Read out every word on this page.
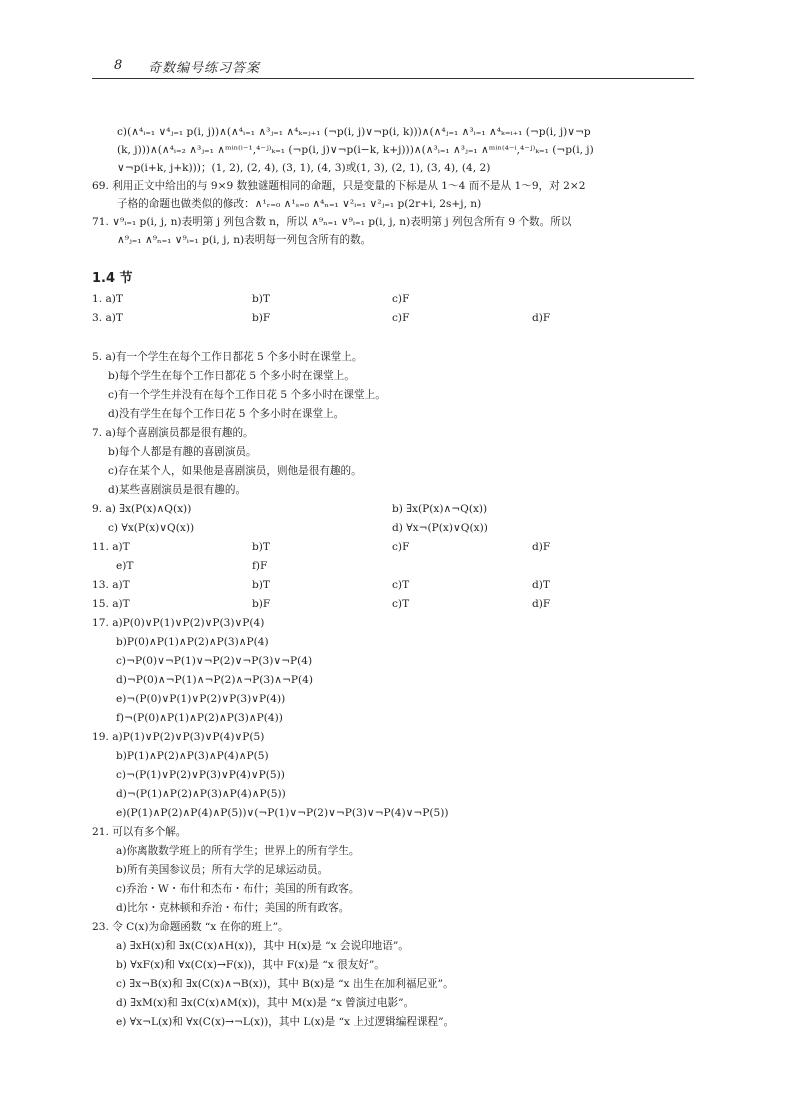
8 奇数编号练习答案
1.4 节
c)(∧⁴ᵢ₌₁ ∨⁴ⱼ₌₁ p(i, j))∧(∧⁴ᵢ₌₁ ∧³ⱼ₌₁ ∧⁴ₖ₌ⱼ₊₁ (¬p(i, j)∨¬p(i, k)))∧(∧⁴ⱼ₌₁ ∧³ᵢ₌₁ ∧⁴ₖ₌ᵢ₊₁ (¬p(i, j)∨¬p
(k, j)))∧(∧⁴ᵢ₌₂ ∧³ⱼ₌₁ ∧ᵐⁱⁿ⁽ⁱ⁻¹,⁴⁻ʲ⁾ₖ₌₁ (¬p(i, j)∨¬p(i−k, k+j)))∧(∧³ᵢ₌₁ ∧³ⱼ₌₁ ∧ᵐⁱⁿ⁽⁴⁻ⁱ,⁴⁻ʲ⁾ₖ₌₁ (¬p(i, j)
∨¬p(i+k, j+k)))；(1, 2), (2, 4), (3, 1), (4, 3)或(1, 3), (2, 1), (3, 4), (4, 2)
69. 利用正文中给出的与 9×9 数独谜题相同的命题，只是变量的下标是从 1～4 而不是从 1～9，对 2×2
子格的命题也做类似的修改：∧¹ᵣ₌₀ ∧¹ₛ₌₀ ∧⁴ₙ₌₁ ∨²ᵢ₌₁ ∨²ⱼ₌₁ p(2r+i, 2s+j, n)
71. ∨⁹ᵢ₌₁ p(i, j, n)表明第 j 列包含数 n，所以 ∧⁹ₙ₌₁ ∨⁹ᵢ₌₁ p(i, j, n)表明第 j 列包含所有 9 个数。所以
∧⁹ⱼ₌₁ ∧⁹ₙ₌₁ ∨⁹ᵢ₌₁ p(i, j, n)表明每一列包含所有的数。
5. a)有一个学生在每个工作日都花 5 个多小时在课堂上。
b)每个学生在每个工作日都花 5 个多小时在课堂上。
c)有一个学生并没有在每个工作日花 5 个多小时在课堂上。
d)没有学生在每个工作日花 5 个多小时在课堂上。
7. a)每个喜剧演员都是很有趣的。
b)每个人都是有趣的喜剧演员。
c)存在某个人，如果他是喜剧演员，则他是很有趣的。
d)某些喜剧演员是很有趣的。
17. a)P(0)∨P(1)∨P(2)∨P(3)∨P(4)
b)P(0)∧P(1)∧P(2)∧P(3)∧P(4)
c)¬P(0)∨¬P(1)∨¬P(2)∨¬P(3)∨¬P(4)
d)¬P(0)∧¬P(1)∧¬P(2)∧¬P(3)∧¬P(4)
e)¬(P(0)∨P(1)∨P(2)∨P(3)∨P(4))
f)¬(P(0)∧P(1)∧P(2)∧P(3)∧P(4))
19. a)P(1)∨P(2)∨P(3)∨P(4)∨P(5)
b)P(1)∧P(2)∧P(3)∧P(4)∧P(5)
c)¬(P(1)∨P(2)∨P(3)∨P(4)∨P(5))
d)¬(P(1)∧P(2)∧P(3)∧P(4)∧P(5))
e)(P(1)∧P(2)∧P(4)∧P(5))∨(¬P(1)∨¬P(2)∨¬P(3)∨¬P(4)∨¬P(5))
21. 可以有多个解。
a)你离散数学班上的所有学生；世界上的所有学生。
b)所有美国参议员；所有大学的足球运动员。
c)乔治・W・布什和杰布・布什；美国的所有政客。
d)比尔・克林顿和乔治・布什；美国的所有政客。
23. 令 C(x)为命题函数 “x 在你的班上”。
a) ∃xH(x)和 ∃x(C(x)∧H(x))，其中 H(x)是 “x 会说印地语”。
b) ∀xF(x)和 ∀x(C(x)→F(x))，其中 F(x)是 “x 很友好”。
c) ∃x¬B(x)和 ∃x(C(x)∧¬B(x))，其中 B(x)是 “x 出生在加利福尼亚”。
d) ∃xM(x)和 ∃x(C(x)∧M(x))，其中 M(x)是 “x 曾演过电影”。
e) ∀x¬L(x)和 ∀x(C(x)→¬L(x))，其中 L(x)是 “x 上过逻辑编程课程”。
1. a)T	b)T	c)F
3. a)T	b)F	c)F	d)F
9. a) ∃x(P(x)∧Q(x))	b) ∃x(P(x)∧¬Q(x))
c) ∀x(P(x)∨Q(x))	d) ∀x¬(P(x)∨Q(x))
11. a)T	b)T	c)F	d)F
e)T	f)F
13. a)T	b)T	c)T	d)T
15. a)T	b)F	c)T	d)F
